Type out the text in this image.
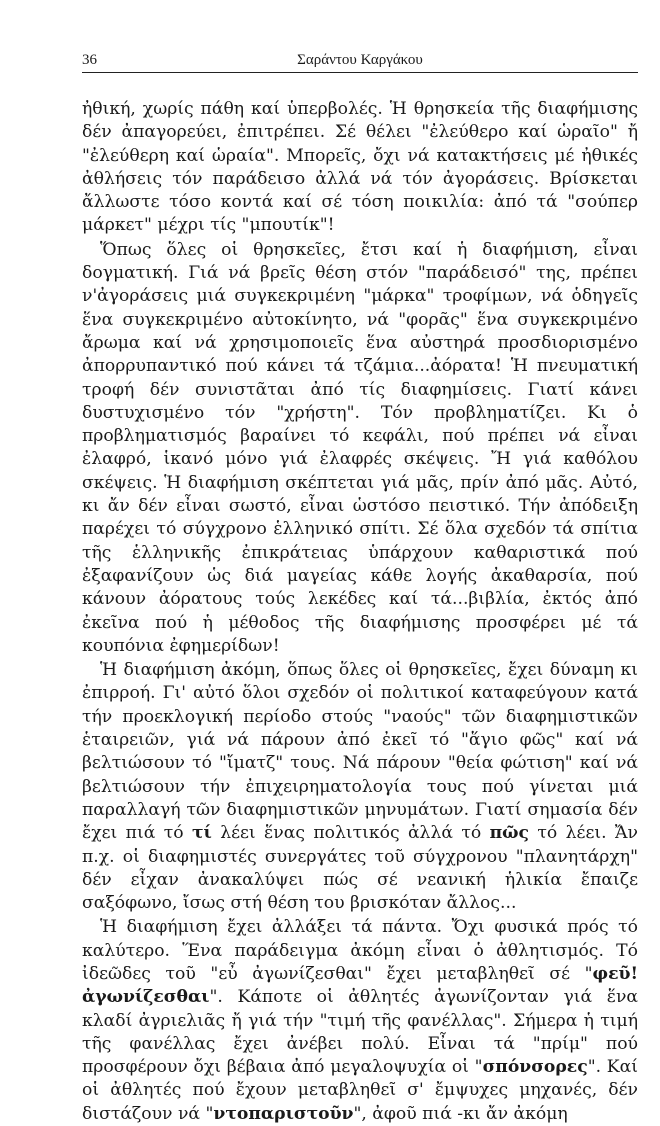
36	Σαράντου Καργάκου

ἠθική, χωρίς πάθη καί ὑπερβολές. Ἡ θρησκεία τῆς διαφήμισης δέν ἀπαγορεύει, ἐπιτρέπει. Σέ θέλει "ἐλεύθερο καί ὡραῖο" ἤ "ἐλεύθερη καί ὡραία". Μπορεῖς, ὄχι νά κατακτήσεις μέ ἠθικές ἀθλήσεις τόν παράδεισο ἀλλά νά τόν ἀγοράσεις. Βρίσκεται ἄλλωστε τόσο κοντά καί σέ τόση ποικιλία: ἀπό τά "σούπερ μάρκετ" μέχρι τίς "μπουτίκ"!

Ὅπως ὅλες οἱ θρησκεῖες, ἔτσι καί ἡ διαφήμιση, εἶναι δογματική. Γιά νά βρεῖς θέση στόν "παράδεισό" της, πρέπει ν'ἀγοράσεις μιά συγκεκριμένη "μάρκα" τροφίμων, νά ὁδηγεῖς ἕνα συγκεκριμένο αὐτοκίνητο, νά "φορᾶς" ἕνα συγκεκριμένο ἄρωμα καί νά χρησιμοποιεῖς ἕνα αὐστηρά προσδιορισμένο ἀπορρυπαντικό πού κάνει τά τζάμια...ἀόρατα! Ἡ πνευματική τροφή δέν συνιστᾶται ἀπό τίς διαφημίσεις. Γιατί κάνει δυστυχισμένο τόν "χρήστη". Τόν προβληματίζει. Κι ὁ προβληματισμός βαραίνει τό κεφάλι, πού πρέπει νά εἶναι ἐλαφρό, ἱκανό μόνο γιά ἐλαφρές σκέψεις. Ἤ γιά καθόλου σκέψεις. Ἡ διαφήμιση σκέπτεται γιά μᾶς, πρίν ἀπό μᾶς. Αὐτό, κι ἄν δέν εἶναι σωστό, εἶναι ὡστόσο πειστικό. Τήν ἀπόδειξη παρέχει τό σύγχρονο ἑλληνικό σπίτι. Σέ ὅλα σχεδόν τά σπίτια τῆς ἑλληνικῆς ἐπικράτειας ὑπάρχουν καθαριστικά πού ἐξαφανίζουν ὡς διά μαγείας κάθε λογής ἀκαθαρσία, πού κάνουν ἀόρατους τούς λεκέδες καί τά...βιβλία, ἐκτός ἀπό ἐκεῖνα πού ἡ μέθοδος τῆς διαφήμισης προσφέρει μέ τά κουπόνια ἐφημερίδων!

Ἡ διαφήμιση ἀκόμη, ὅπως ὅλες οἱ θρησκεῖες, ἔχει δύναμη κι ἐπιρροή. Γι' αὐτό ὅλοι σχεδόν οἱ πολιτικοί καταφεύγουν κατά τήν προεκλογική περίοδο στούς "ναούς" τῶν διαφημιστικῶν ἑταιρειῶν, γιά νά πάρουν ἀπό ἐκεῖ τό "ἅγιο φῶς" καί νά βελτιώσουν τό "ἴματζ" τους. Νά πάρουν "θεία φώτιση" καί νά βελτιώσουν τήν ἐπιχειρηματολογία τους πού γίνεται μιά παραλλαγή τῶν διαφημιστικῶν μηνυμάτων. Γιατί σημασία δέν ἔχει πιά τό τί λέει ἕνας πολιτικός ἀλλά τό πῶς τό λέει. Ἄν π.χ. οἱ διαφημιστές συνεργάτες τοῦ σύγχρονου "πλανητάρχη" δέν εἶχαν ἀνακαλύψει πώς σέ νεανική ἡλικία ἔπαιζε σαξόφωνο, ἴσως στή θέση του βρισκόταν ἄλλος...

Ἡ διαφήμιση ἔχει ἀλλάξει τά πάντα. Ὄχι φυσικά πρός τό καλύτερο. Ἕνα παράδειγμα ἀκόμη εἶναι ὁ ἀθλητισμός. Τό ἰδεῶδες τοῦ "εὖ ἀγωνίζεσθαι" ἔχει μεταβληθεῖ σέ "φεῦ! ἀγωνίζεσθαι". Κάποτε οἱ ἀθλητές ἀγωνίζονταν γιά ἕνα κλαδί ἀγριελιᾶς ἤ γιά τήν "τιμή τῆς φανέλλας". Σήμερα ἡ τιμή τῆς φανέλλας ἔχει ἀνέβει πολύ. Εἶναι τά "πρίμ" πού προσφέρουν ὄχι βέβαια ἀπό μεγαλοψυχία οἱ "σπόνσορες". Καί οἱ ἀθλητές πού ἔχουν μεταβληθεῖ σ' ἔμψυχες μηχανές, δέν διστάζουν νά "ντοπαριστοῦν", ἀφοῦ πιά -κι ἄν ἀκόμη
